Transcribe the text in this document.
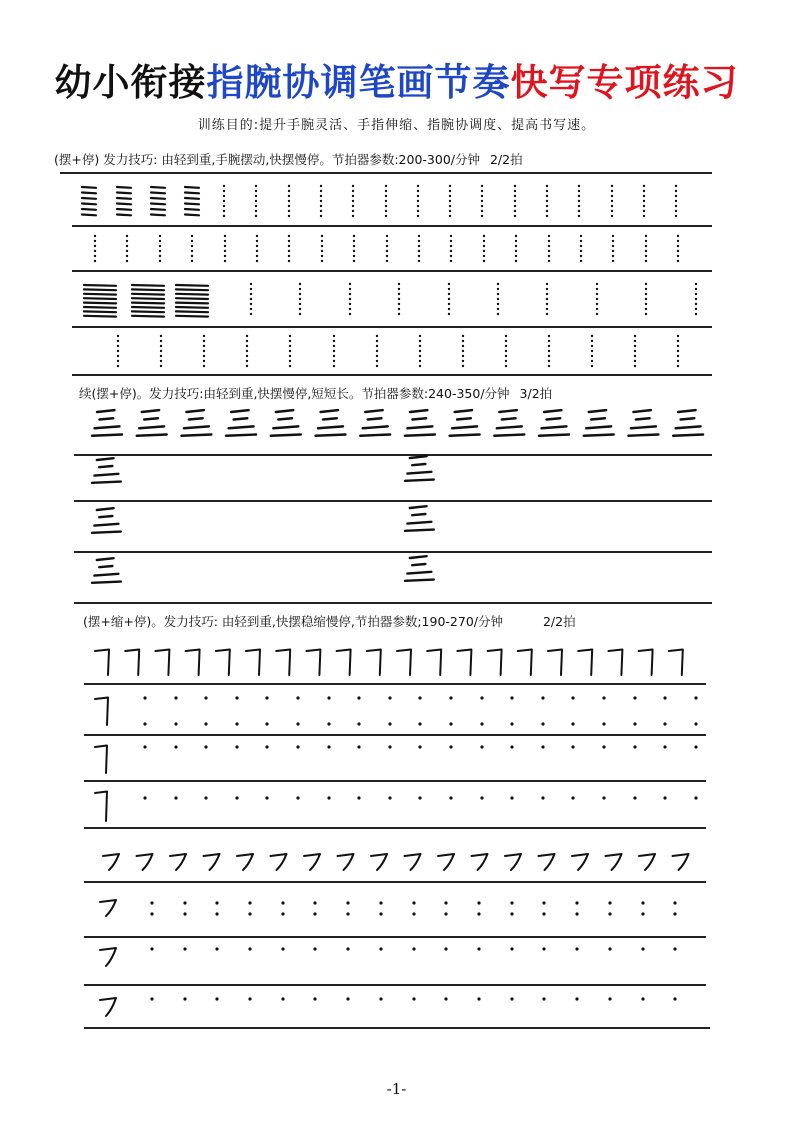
幼小衔接指腕协调笔画节奏快写专项练习
训练目的:提升手腕灵活、手指伸缩、指腕协调度、提高书写速。
(摆+停) 发力技巧: 由轻到重,手腕摆动,快摆慢停。节拍器参数:200-300/分钟 2/2拍
续(摆+停)。发力技巧:由轻到重,快摆慢停,短短长。节拍器参数:240-350/分钟 3/2拍
(摆+缩+停)。发力技巧: 由轻到重,快摆稳缩慢停,节拍器参数;190-270/分钟	2/2拍
-1-
